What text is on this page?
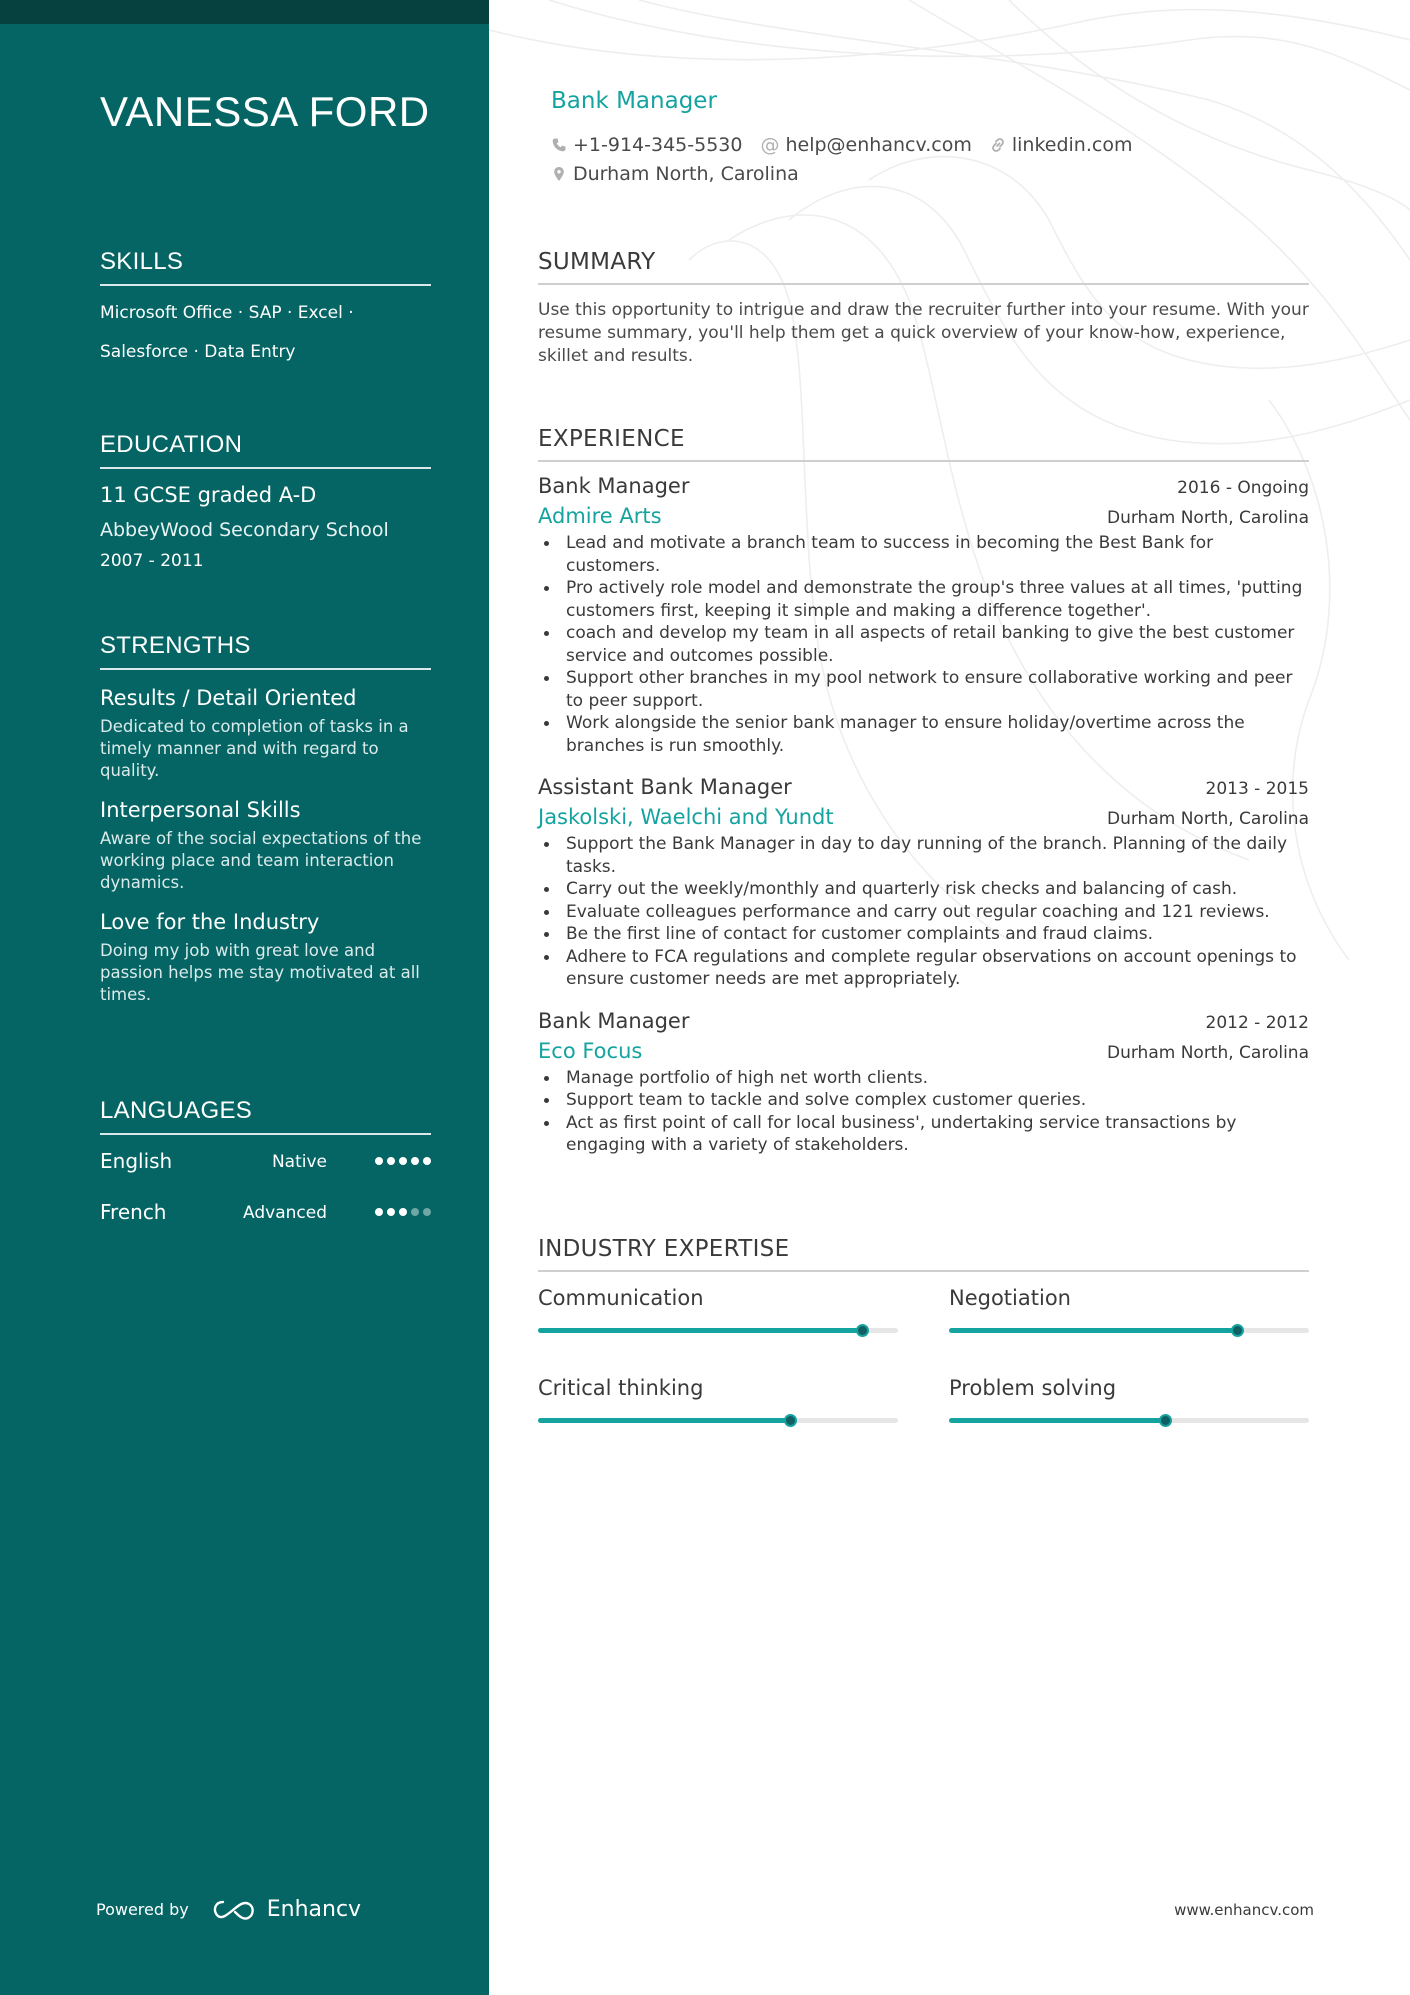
VANESSA FORD
SKILLS
Microsoft Office · SAP · Excel ·
Salesforce · Data Entry
EDUCATION
11 GCSE graded A-D
AbbeyWood Secondary School
2007 - 2011
STRENGTHS
Results / Detail Oriented
Dedicated to completion of tasks in a timely manner and with regard to quality.
Interpersonal Skills
Aware of the social expectations of the working place and team interaction dynamics.
Love for the Industry
Doing my job with great love and passion helps me stay motivated at all times.
LANGUAGES
English	Native
French	Advanced
Powered by	Enhancv
Bank Manager
+1-914-345-5530 @ help@enhancv.com linkedin.com
Durham North, Carolina
SUMMARY

Use this opportunity to intrigue and draw the recruiter further into your resume. With your resume summary, you'll help them get a quick overview of your know-how, experience, skillet and results.

EXPERIENCE
Bank Manager	2016 - Ongoing
Admire Arts	Durham North, Carolina
Lead and motivate a branch team to success in becoming the Best Bank for customers.
Pro actively role model and demonstrate the group's three values at all times, 'putting customers first, keeping it simple and making a difference together'.
coach and develop my team in all aspects of retail banking to give the best customer service and outcomes possible.
Support other branches in my pool network to ensure collaborative working and peer to peer support.
Work alongside the senior bank manager to ensure holiday/overtime across the branches is run smoothly.
Assistant Bank Manager	2013 - 2015
Jaskolski, Waelchi and Yundt	Durham North, Carolina
Support the Bank Manager in day to day running of the branch. Planning of the daily tasks.
Carry out the weekly/monthly and quarterly risk checks and balancing of cash.
Evaluate colleagues performance and carry out regular coaching and 121 reviews.
Be the first line of contact for customer complaints and fraud claims.
Adhere to FCA regulations and complete regular observations on account openings to ensure customer needs are met appropriately.
Bank Manager	2012 - 2012
Eco Focus	Durham North, Carolina
Manage portfolio of high net worth clients.
Support team to tackle and solve complex customer queries.
Act as first point of call for local business', undertaking service transactions by engaging with a variety of stakeholders.
INDUSTRY EXPERTISE
Communication	Negotiation
Critical thinking	Problem solving
www.enhancv.com
